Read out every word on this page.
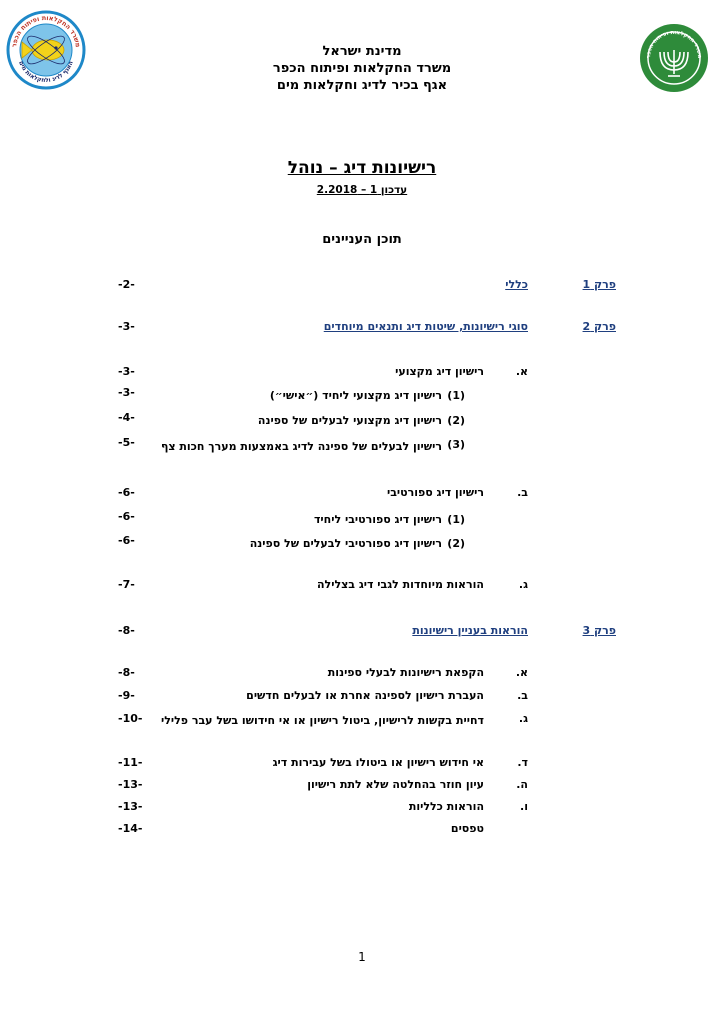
משרד החקלאות ופיתוח הכפר
האגף לדיג ולחקלאות מים
משרד החקלאות ופיתוח הכפר
מדינת ישראל
משרד החקלאות ופיתוח הכפר
אגף בכיר לדיג וחקלאות מים
רישיונות דיג – נוהל
עדכון 1 – 2.2018
תוכן העניינים
פרק 1
כללי
-2-
פרק 2
סוגי רישיונות, שיטות דיג ותנאים מיוחדים
-3-
א.
רישיון דיג מקצועי
-3-
(1)
רישיון דיג מקצועי ליחיד (״אישי״)
-3-
(2)
רישיון דיג מקצועי לבעלים של ספינה
-4-
(3)
רישיון לבעלים של ספינה לדיג באמצעות מערך חכות צף
-5-
ב.
רישיון דיג ספורטיבי
-6-
(1)
רישיון דיג ספורטיבי ליחיד
-6-
(2)
רישיון דיג ספורטיבי לבעלים של ספינה
-6-
ג.
הוראות מיוחדות לגבי דיג בצלילה
-7-
פרק 3
הוראות בעניין רישיונות
-8-
א.
הקפאת רישיונות לבעלי ספינות
-8-
ב.
העברת רישיון לספינה אחרת או לבעלים חדשים
-9-
ג.
דחיית בקשות לרישיון, ביטול רישיון או אי חידושו בשל עבר פלילי
-10-
ד.
אי חידוש רישיון או ביטולו בשל עבירות דיג
-11-
ה.
עיון חוזר בהחלטה שלא לתת רישיון
-13-
ו.
הוראות כלליות
-13-
טפסים
-14-
1
